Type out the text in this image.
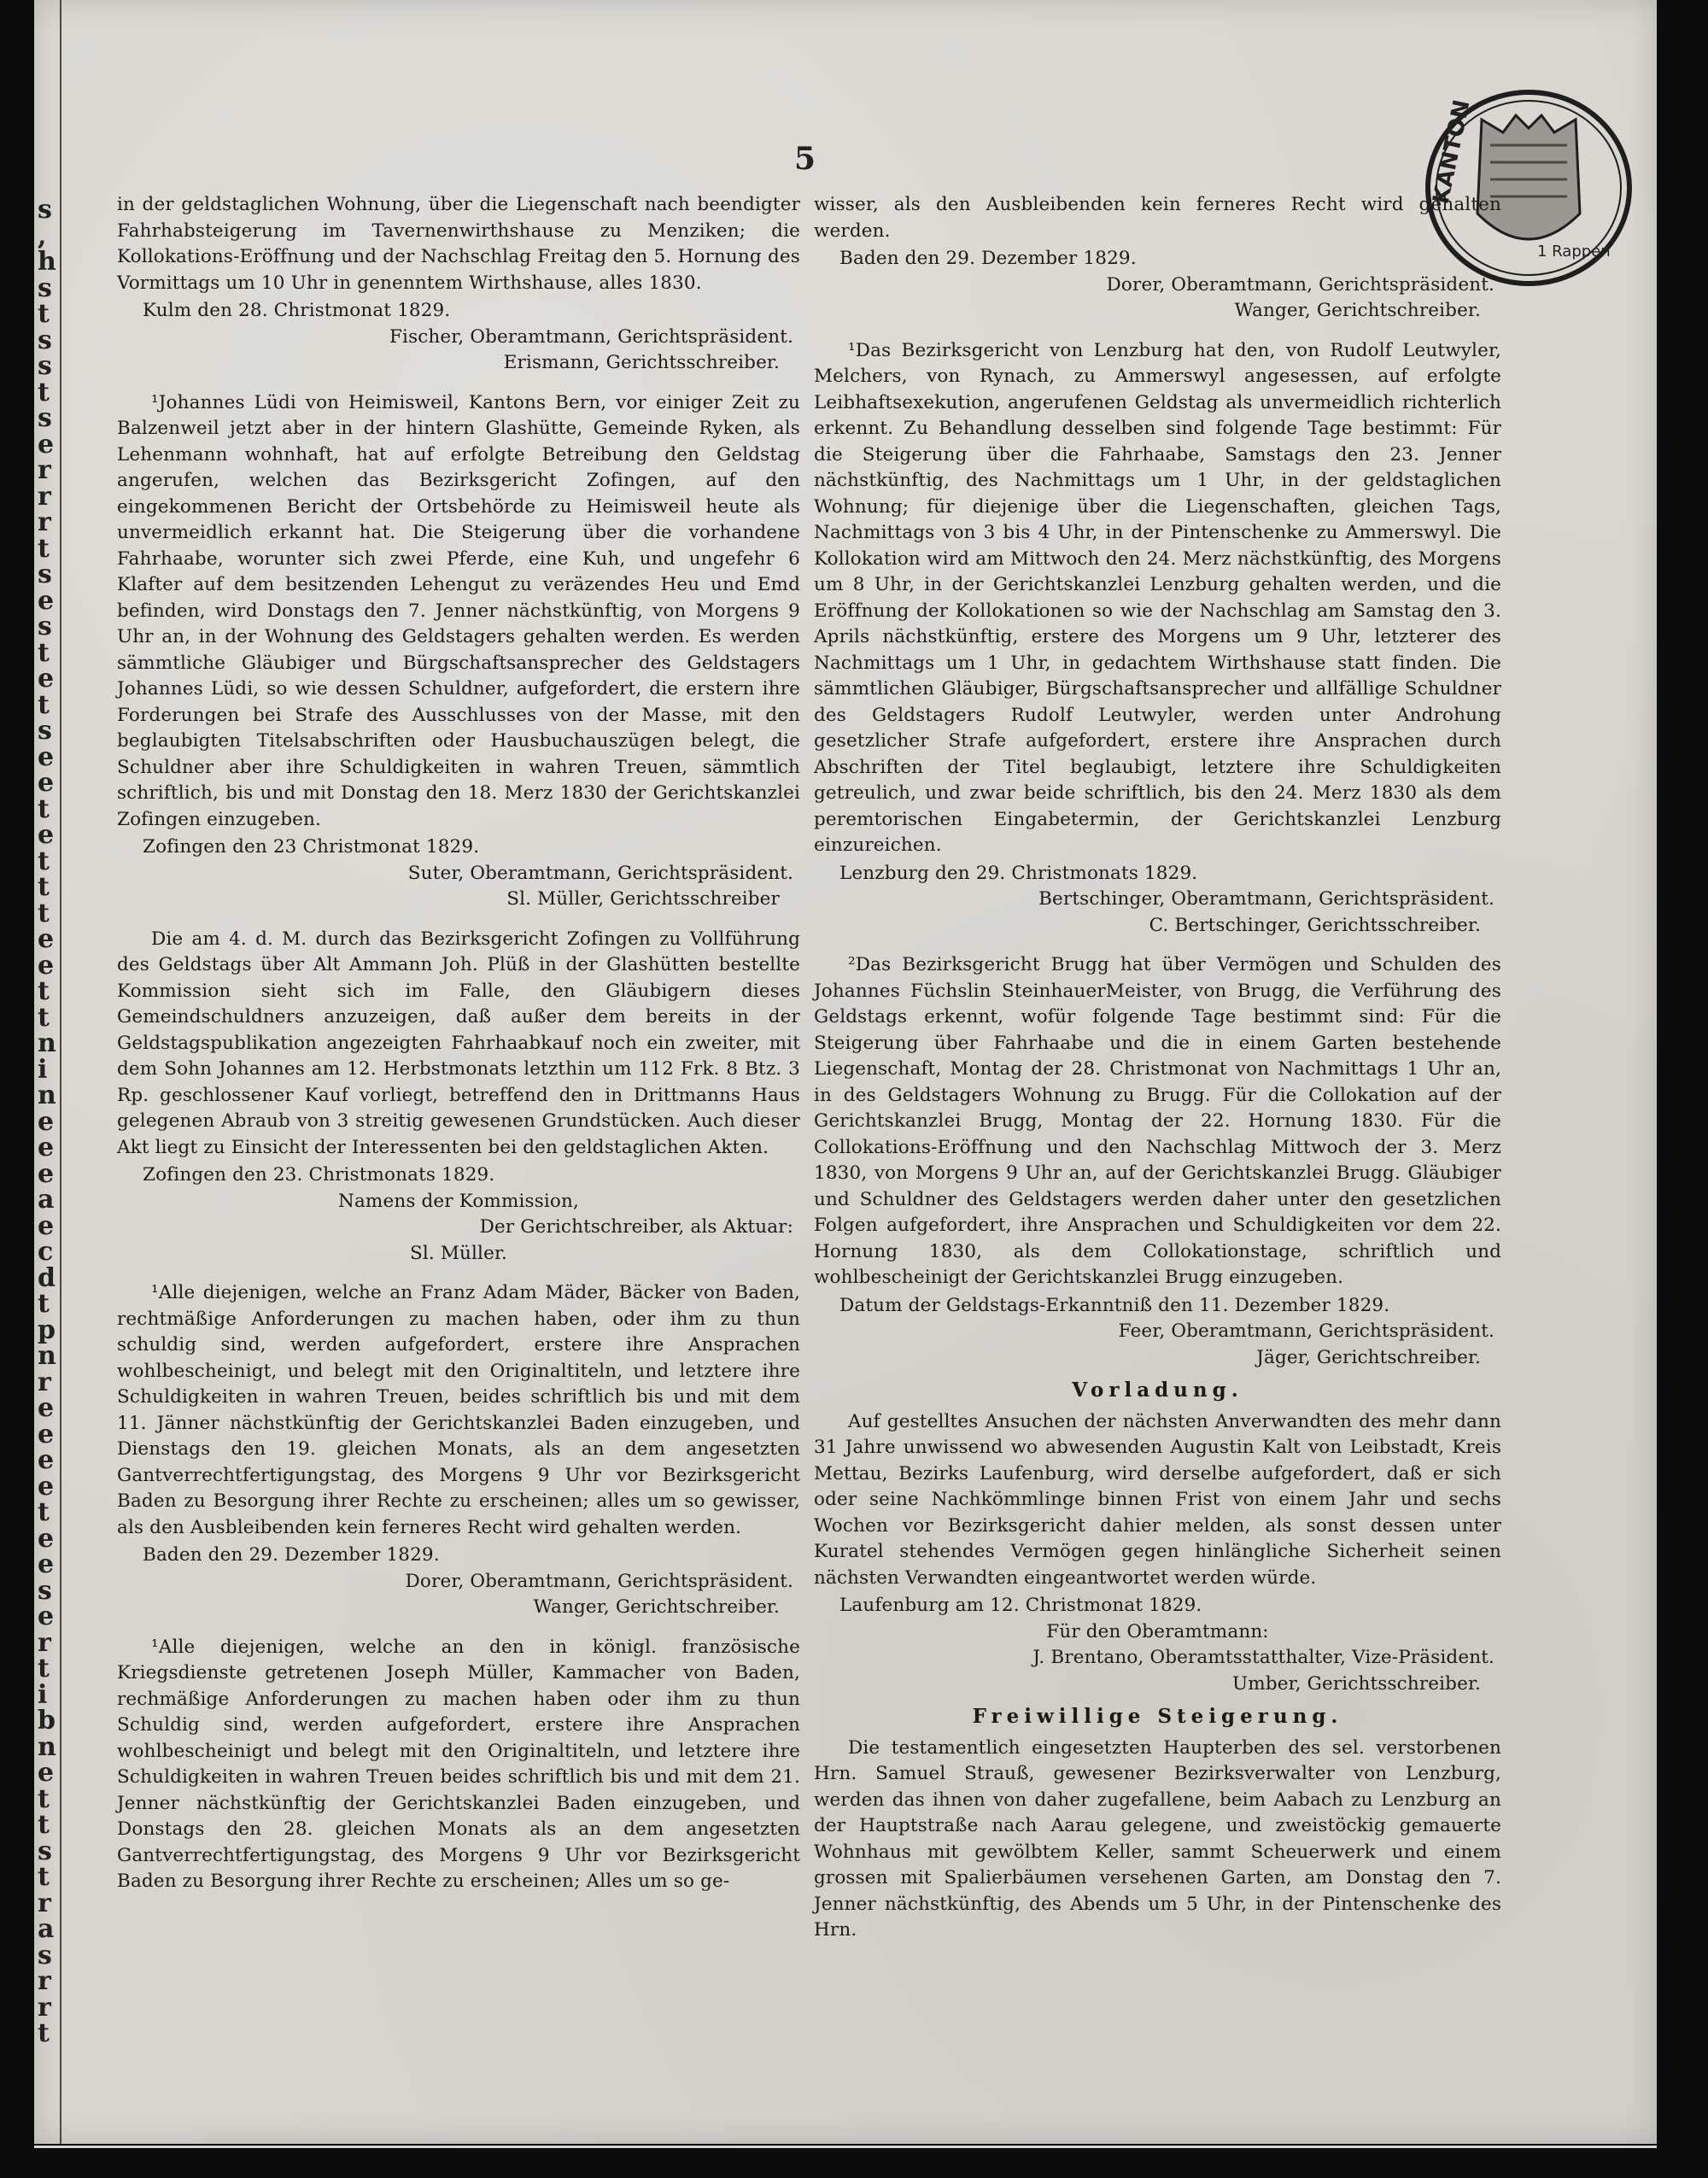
s
,
h
s
t
s
s
t
s
e
r
r
r
t
s
e
s
t
e
t
s
e
e
t
e
t
t
t
e
e
t
t
n
i
n
e
e
e
a
e
c
d
t
p
n
r
e
e
e
e
t
e
e
s
e
r
t
i
b
n
e
t
t
s
t
r
a
s
r
r
t
5	KANTON
1 Rappen

in der geldstaglichen Wohnung, über die Liegenschaft nach beendigter Fahrhabsteigerung im Tavernenwirthshause zu Menziken; die Kollokations-Eröffnung und der Nachschlag Freitag den 5. Hornung des Vormittags um 10 Uhr in genenntem Wirthshause, alles 1830.

Kulm den 28. Christmonat 1829.

Fischer, Oberamtmann, Gerichtspräsident.

Erismann, Gerichtsschreiber.

¹Johannes Lüdi von Heimisweil, Kantons Bern, vor einiger Zeit zu Balzenweil jetzt aber in der hintern Glashütte, Gemeinde Ryken, als Lehenmann wohnhaft, hat auf erfolgte Betreibung den Geldstag angerufen, welchen das Bezirksgericht Zofingen, auf den eingekommenen Bericht der Ortsbehörde zu Heimisweil heute als unvermeidlich erkannt hat. Die Steigerung über die vorhandene Fahrhaabe, worunter sich zwei Pferde, eine Kuh, und ungefehr 6 Klafter auf dem besitzenden Lehengut zu veräzendes Heu und Emd befinden, wird Donstags den 7. Jenner nächstkünftig, von Morgens 9 Uhr an, in der Wohnung des Geldstagers gehalten werden. Es werden sämmtliche Gläubiger und Bürgschaftsansprecher des Geldstagers Johannes Lüdi, so wie dessen Schuldner, aufgefordert, die erstern ihre Forderungen bei Strafe des Ausschlusses von der Masse, mit den beglaubigten Titelsabschriften oder Hausbuchauszügen belegt, die Schuldner aber ihre Schuldigkeiten in wahren Treuen, sämmtlich schriftlich, bis und mit Donstag den 18. Merz 1830 der Gerichtskanzlei Zofingen einzugeben.

Zofingen den 23 Christmonat 1829.

Suter, Oberamtmann, Gerichtspräsident.

Sl. Müller, Gerichtsschreiber

Die am 4. d. M. durch das Bezirksgericht Zofingen zu Vollführung des Geldstags über Alt Ammann Joh. Plüß in der Glashütten bestellte Kommission sieht sich im Falle, den Gläubigern dieses Gemeindschuldners anzuzeigen, daß außer dem bereits in der Geldstagspublikation angezeigten Fahrhaabkauf noch ein zweiter, mit dem Sohn Johannes am 12. Herbstmonats letzthin um 112 Frk. 8 Btz. 3 Rp. geschlossener Kauf vorliegt, betreffend den in Drittmanns Haus gelegenen Abraub von 3 streitig gewesenen Grundstücken. Auch dieser Akt liegt zu Einsicht der Interessenten bei den geldstaglichen Akten.

Zofingen den 23. Christmonats 1829.

Namens der Kommission,

Der Gerichtschreiber, als Aktuar:

Sl. Müller.

¹Alle diejenigen, welche an Franz Adam Mäder, Bäcker von Baden, rechtmäßige Anforderungen zu machen haben, oder ihm zu thun schuldig sind, werden aufgefordert, erstere ihre Ansprachen wohlbescheinigt, und belegt mit den Originaltiteln, und letztere ihre Schuldigkeiten in wahren Treuen, beides schriftlich bis und mit dem 11. Jänner nächstkünftig der Gerichtskanzlei Baden einzugeben, und Dienstags den 19. gleichen Monats, als an dem angesetzten Gantverrechtfertigungstag, des Morgens 9 Uhr vor Bezirksgericht Baden zu Besorgung ihrer Rechte zu erscheinen; alles um so gewisser, als den Ausbleibenden kein ferneres Recht wird gehalten werden.

Baden den 29. Dezember 1829.

Dorer, Oberamtmann, Gerichtspräsident.

Wanger, Gerichtschreiber.

¹Alle diejenigen, welche an den in königl. französische Kriegsdienste getretenen Joseph Müller, Kammacher von Baden, rechmäßige Anforderungen zu machen haben oder ihm zu thun Schuldig sind, werden aufgefordert, erstere ihre Ansprachen wohlbescheinigt und belegt mit den Originaltiteln, und letztere ihre Schuldigkeiten in wahren Treuen beides schriftlich bis und mit dem 21. Jenner nächstkünftig der Gerichtskanzlei Baden einzugeben, und Donstags den 28. gleichen Monats als an dem angesetzten Gantverrechtfertigungstag, des Morgens 9 Uhr vor Bezirksgericht Baden zu Besorgung ihrer Rechte zu erscheinen; Alles um so ge-

wisser, als den Ausbleibenden kein ferneres Recht wird gehalten werden.

Baden den 29. Dezember 1829.

Dorer, Oberamtmann, Gerichtspräsident.

Wanger, Gerichtschreiber.

¹Das Bezirksgericht von Lenzburg hat den, von Rudolf Leutwyler, Melchers, von Rynach, zu Ammerswyl angesessen, auf erfolgte Leibhaftsexekution, angerufenen Geldstag als unvermeidlich richterlich erkennt. Zu Behandlung desselben sind folgende Tage bestimmt: Für die Steigerung über die Fahrhaabe, Samstags den 23. Jenner nächstkünftig, des Nachmittags um 1 Uhr, in der geldstaglichen Wohnung; für diejenige über die Liegenschaften, gleichen Tags, Nachmittags von 3 bis 4 Uhr, in der Pintenschenke zu Ammerswyl. Die Kollokation wird am Mittwoch den 24. Merz nächstkünftig, des Morgens um 8 Uhr, in der Gerichtskanzlei Lenzburg gehalten werden, und die Eröffnung der Kollokationen so wie der Nachschlag am Samstag den 3. Aprils nächstkünftig, erstere des Morgens um 9 Uhr, letzterer des Nachmittags um 1 Uhr, in gedachtem Wirthshause statt finden. Die sämmtlichen Gläubiger, Bürgschaftsansprecher und allfällige Schuldner des Geldstagers Rudolf Leutwyler, werden unter Androhung gesetzlicher Strafe aufgefordert, erstere ihre Ansprachen durch Abschriften der Titel beglaubigt, letztere ihre Schuldigkeiten getreulich, und zwar beide schriftlich, bis den 24. Merz 1830 als dem peremtorischen Eingabetermin, der Gerichtskanzlei Lenzburg einzureichen.

Lenzburg den 29. Christmonats 1829.

Bertschinger, Oberamtmann, Gerichtspräsident.

C. Bertschinger, Gerichtsschreiber.

²Das Bezirksgericht Brugg hat über Vermögen und Schulden des Johannes Füchslin SteinhauerMeister, von Brugg, die Verführung des Geldstags erkennt, wofür folgende Tage bestimmt sind: Für die Steigerung über Fahrhaabe und die in einem Garten bestehende Liegenschaft, Montag der 28. Christmonat von Nachmittags 1 Uhr an, in des Geldstagers Wohnung zu Brugg. Für die Collokation auf der Gerichtskanzlei Brugg, Montag der 22. Hornung 1830. Für die Collokations-Eröffnung und den Nachschlag Mittwoch der 3. Merz 1830, von Morgens 9 Uhr an, auf der Gerichtskanzlei Brugg. Gläubiger und Schuldner des Geldstagers werden daher unter den gesetzlichen Folgen aufgefordert, ihre Ansprachen und Schuldigkeiten vor dem 22. Hornung 1830, als dem Collokationstage, schriftlich und wohlbescheinigt der Gerichtskanzlei Brugg einzugeben.

Datum der Geldstags-Erkanntniß den 11. Dezember 1829.

Feer, Oberamtmann, Gerichtspräsident.

Jäger, Gerichtschreiber.

Vorladung.

Auf gestelltes Ansuchen der nächsten Anverwandten des mehr dann 31 Jahre unwissend wo abwesenden Augustin Kalt von Leibstadt, Kreis Mettau, Bezirks Laufenburg, wird derselbe aufgefordert, daß er sich oder seine Nachkömmlinge binnen Frist von einem Jahr und sechs Wochen vor Bezirksgericht dahier melden, als sonst dessen unter Kuratel stehendes Vermögen gegen hinlängliche Sicherheit seinen nächsten Verwandten eingeantwortet werden würde.

Laufenburg am 12. Christmonat 1829.

Für den Oberamtmann:

J. Brentano, Oberamtsstatthalter, Vize-Präsident.

Umber, Gerichtsschreiber.

Freiwillige Steigerung.

Die testamentlich eingesetzten Haupterben des sel. verstorbenen Hrn. Samuel Strauß, gewesener Bezirksverwalter von Lenzburg, werden das ihnen von daher zugefallene, beim Aabach zu Lenzburg an der Hauptstraße nach Aarau gelegene, und zweistöckig gemauerte Wohnhaus mit gewölbtem Keller, sammt Scheuerwerk und einem grossen mit Spalierbäumen versehenen Garten, am Donstag den 7. Jenner nächstkünftig, des Abends um 5 Uhr, in der Pintenschenke des Hrn.
